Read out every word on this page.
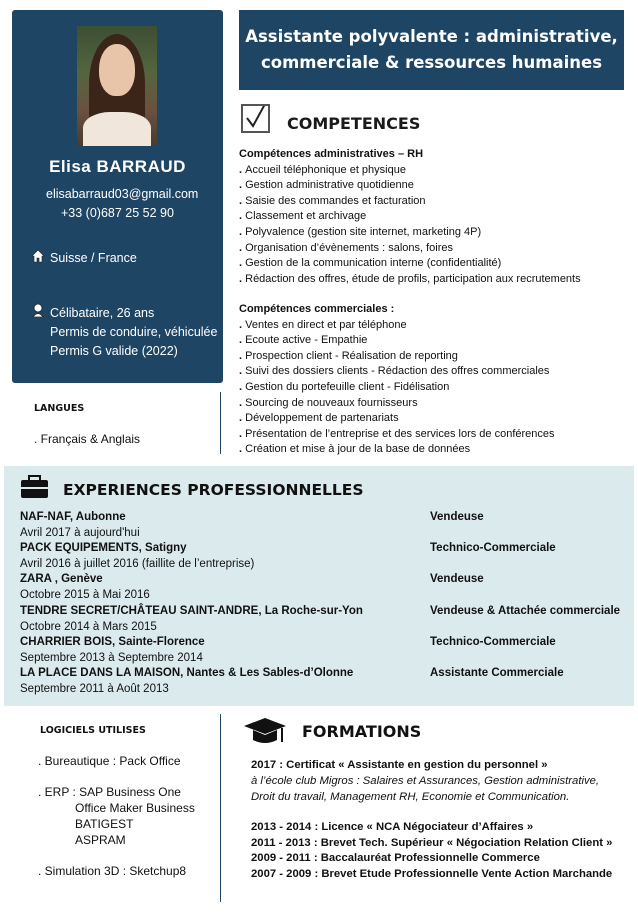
Elisa BARRAUD
elisabarraud03@gmail.com
+33 (0)687 25 52 90
Suisse / France
Célibataire, 26 ans
Permis de conduire, véhiculée
Permis G valide (2022)
Assistante polyvalente : administrative,
commerciale & ressources humaines
COMPETENCES
Compétences administratives – RH
. Accueil téléphonique et physique
. Gestion administrative quotidienne
. Saisie des commandes et facturation
. Classement et archivage
. Polyvalence (gestion site internet, marketing 4P)
. Organisation d’évènements : salons, foires
. Gestion de la communication interne (confidentialité)
. Rédaction des offres, étude de profils, participation aux recrutements
Compétences commerciales :
. Ventes en direct et par téléphone
. Ecoute active - Empathie
. Prospection client - Réalisation de reporting
. Suivi des dossiers clients - Rédaction des offres commerciales
. Gestion du portefeuille client - Fidélisation
. Sourcing de nouveaux fournisseurs
. Développement de partenariats
. Présentation de l’entreprise et des services lors de conférences
. Création et mise à jour de la base de données
LANGUES
. Français & Anglais
EXPERIENCES PROFESSIONNELLES
NAF-NAF, Aubonne
Avril 2017 à aujourd'hui
Vendeuse
PACK EQUIPEMENTS, Satigny
Avril 2016 à juillet 2016 (faillite de l’entreprise)
Technico-Commerciale
ZARA , Genève
Octobre 2015 à Mai 2016
Vendeuse
TENDRE SECRET/CHÂTEAU SAINT-ANDRE, La Roche-sur-Yon
Octobre 2014 à Mars 2015
Vendeuse & Attachée commerciale
CHARRIER BOIS, Sainte-Florence
Septembre 2013 à Septembre 2014
Technico-Commerciale
LA PLACE DANS LA MAISON, Nantes & Les Sables-d’Olonne
Septembre 2011 à Août 2013
Assistante Commerciale
LOGICIELS UTILISES
. Bureautique : Pack Office
. ERP : SAP Business One
Office Maker Business
BATIGEST
ASPRAM
. Simulation 3D : Sketchup8
FORMATIONS
2017 : Certificat « Assistante en gestion du personnel »
à l’école club Migros : Salaires et Assurances, Gestion administrative,
Droit du travail, Management RH, Economie et Communication.
2013 - 2014 : Licence « NCA Négociateur d’Affaires »
2011 - 2013 : Brevet Tech. Supérieur « Négociation Relation Client »
2009 - 2011 : Baccalauréat Professionnelle Commerce
2007 - 2009 : Brevet Etude Professionnelle Vente Action Marchande
